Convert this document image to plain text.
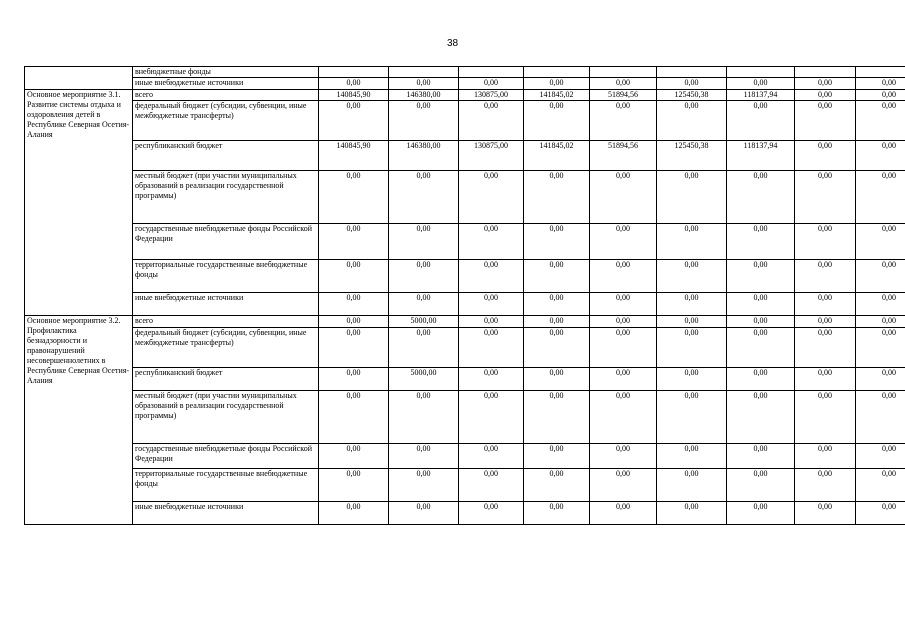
38
	внебюджетные фонды									
	иные внебюджетные источники	0,00	0,00	0,00	0,00	0,00	0,00	0,00	0,00	0,00
Основное мероприятие 3.1. Развитие системы отдыха и оздоровления детей в Республике Северная Осетия-Алания	всего	140845,90	146380,00	130875,00	141845,02	51894,56	125450,38	118137,94	0,00	0,00
	федеральный бюджет (субсидии, субвенции, иные межбюджетные трансферты)	0,00	0,00	0,00	0,00	0,00	0,00	0,00	0,00	0,00
	республиканский бюджет	140845,90	146380,00	130875,00	141845,02	51894,56	125450,38	118137,94	0,00	0,00
	местный бюджет (при участии муниципальных образований в реализации государственной программы)	0,00	0,00	0,00	0,00	0,00	0,00	0,00	0,00	0,00
	государственные внебюджетные фонды Российской Федерации	0,00	0,00	0,00	0,00	0,00	0,00	0,00	0,00	0,00
	территориальные государственные внебюджетные фонды	0,00	0,00	0,00	0,00	0,00	0,00	0,00	0,00	0,00
	иные внебюджетные источники	0,00	0,00	0,00	0,00	0,00	0,00	0,00	0,00	0,00
Основное мероприятие 3.2. Профилактика безнадзорности и правонарушений несовершеннолетних в Республике Северная Осетия-Алания	всего	0,00	5000,00	0,00	0,00	0,00	0,00	0,00	0,00	0,00
	федеральный бюджет (субсидии, субвенции, иные межбюджетные трансферты)	0,00	0,00	0,00	0,00	0,00	0,00	0,00	0,00	0,00
	республиканский бюджет	0,00	5000,00	0,00	0,00	0,00	0,00	0,00	0,00	0,00
	местный бюджет (при участии муниципальных образований в реализации государственной программы)	0,00	0,00	0,00	0,00	0,00	0,00	0,00	0,00	0,00
	государственные внебюджетные фонды Российской Федерации	0,00	0,00	0,00	0,00	0,00	0,00	0,00	0,00	0,00
	территориальные государственные внебюджетные фонды	0,00	0,00	0,00	0,00	0,00	0,00	0,00	0,00	0,00
	иные внебюджетные источники	0,00	0,00	0,00	0,00	0,00	0,00	0,00	0,00	0,00
